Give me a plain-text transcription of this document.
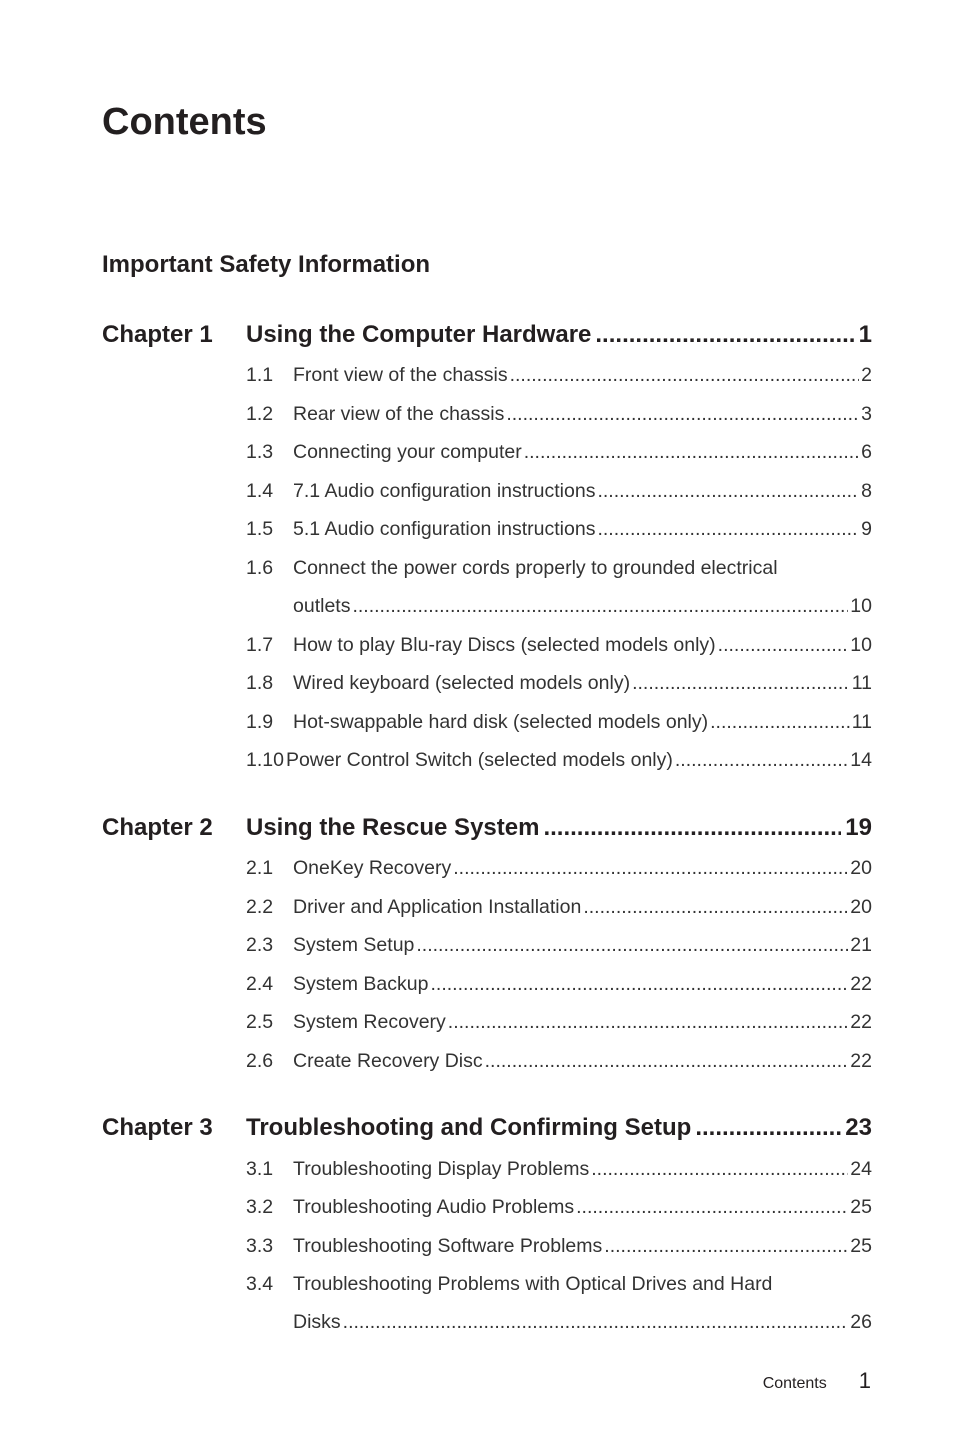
Contents
Important Safety Information
Chapter 1	Using the Computer Hardware .....	1
1.1	Front view of the chassis .....	2
1.2	Rear view of the chassis .....	3
1.3	Connecting your computer .....	6
1.4	7.1 Audio configuration instructions .....	8
1.5	5.1 Audio configuration instructions .....	9
1.6	Connect the power cords properly to grounded electrical
outlets .....	10
1.7	How to play Blu-ray Discs (selected models only) .....	10
1.8	Wired keyboard (selected models only) .....	11
1.9	Hot-swappable hard disk (selected models only) .....	11
1.10 Power Control Switch (selected models only) .....	14
Chapter 2	Using the Rescue System .....	19
2.1	OneKey Recovery .....	20
2.2	Driver and Application Installation .....	20
2.3	System Setup .....	21
2.4	System Backup .....	22
2.5	System Recovery .....	22
2.6	Create Recovery Disc .....	22
Chapter 3	Troubleshooting and Confirming Setup .....	23
3.1	Troubleshooting Display Problems .....	24
3.2	Troubleshooting Audio Problems .....	25
3.3	Troubleshooting Software Problems .....	25
3.4	Troubleshooting Problems with Optical Drives and Hard
Disks .....	26
Contents 1
